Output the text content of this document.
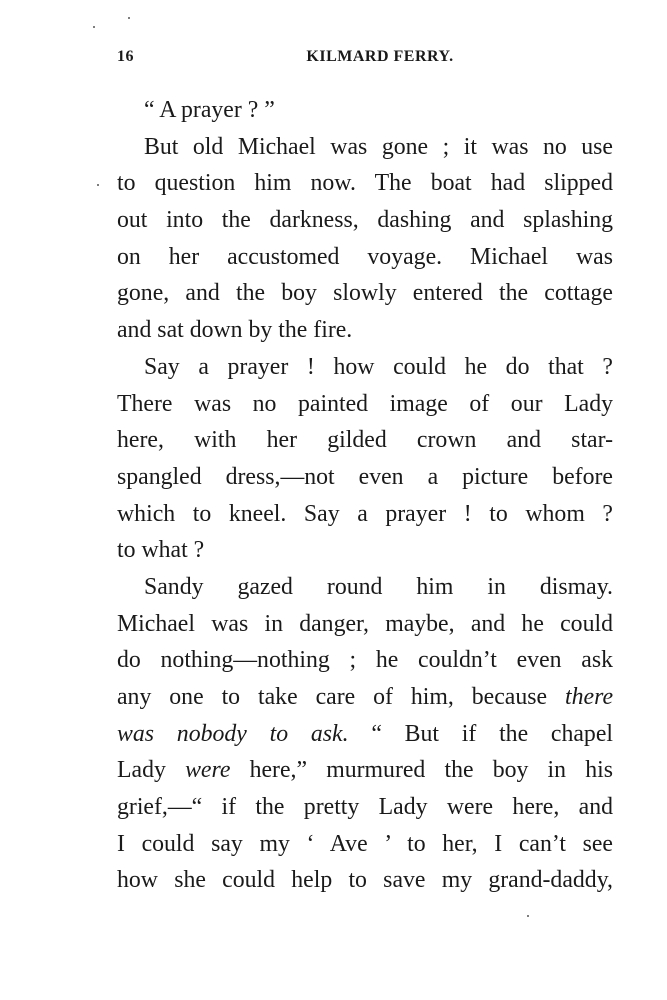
16	KILMARD FERRY.
“ A prayer ? ”
But old Michael was gone ; it was no use
to question him now. The boat had slipped
out into the darkness, dashing and splashing
on her accustomed voyage. Michael was
gone, and the boy slowly entered the cottage
and sat down by the fire.
Say a prayer ! how could he do that ?
There was no painted image of our Lady
here, with her gilded crown and star-
spangled dress,—not even a picture before
which to kneel. Say a prayer ! to whom ?
to what ?
Sandy gazed round him in dismay.
Michael was in danger, maybe, and he could
do nothing—nothing ; he couldn’t even ask
any one to take care of him, because there
was nobody to ask. “ But if the chapel
Lady were here,” murmured the boy in his
grief,—“ if the pretty Lady were here, and
I could say my ‘ Ave ’ to her, I can’t see
how she could help to save my grand-daddy,
